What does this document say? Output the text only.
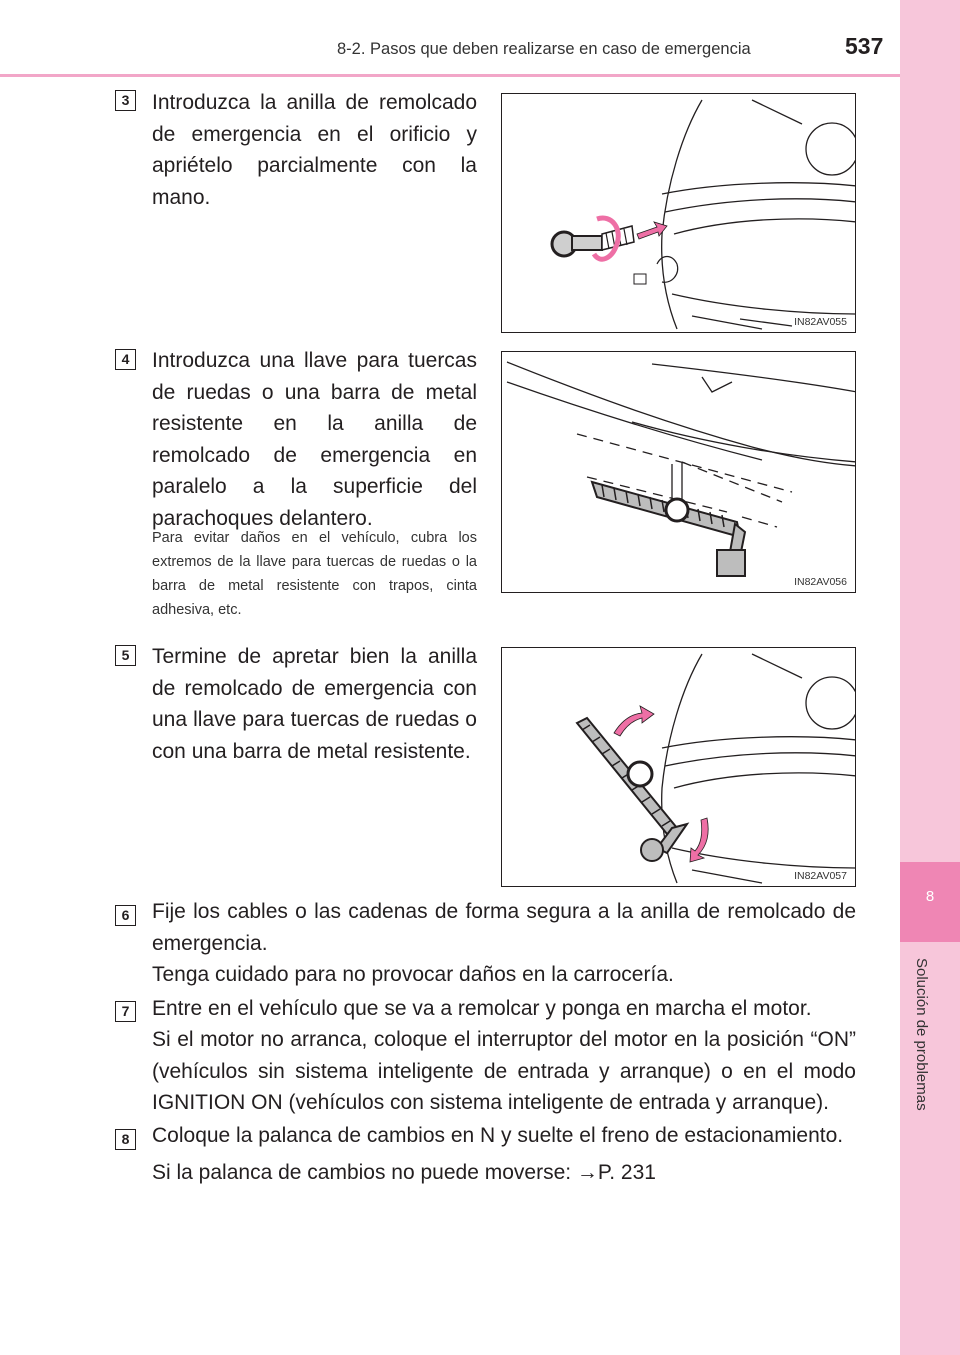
8-2. Pasos que deben realizarse en caso de emergencia	537
8
Solución de problemas
3	Introduzca la anilla de remolcado de emergencia en el orificio y apriételo parcialmente con la mano.
IN82AV055
4	Introduzca una llave para tuercas de ruedas o una barra de metal resistente en la anilla de remolcado de emergencia en paralelo a la superficie del parachoques delantero.
Para evitar daños en el vehículo, cubra los extremos de la llave para tuercas de ruedas o la barra de metal resistente con trapos, cinta adhesiva, etc.
IN82AV056
5	Termine de apretar bien la anilla de remolcado de emergencia con una llave para tuercas de ruedas o con una barra de metal resistente.
IN82AV057
6	Fije los cables o las cadenas de forma segura a la anilla de remolcado de emergencia.
Tenga cuidado para no provocar daños en la carrocería.
7	Entre en el vehículo que se va a remolcar y ponga en marcha el motor.
Si el motor no arranca, coloque el interruptor del motor en la posición “ON” (vehículos sin sistema inteligente de entrada y arranque) o en el modo IGNITION ON (vehículos con sistema inteligente de entrada y arranque).
8	Coloque la palanca de cambios en N y suelte el freno de estacionamiento.
Si la palanca de cambios no puede moverse: →P. 231
